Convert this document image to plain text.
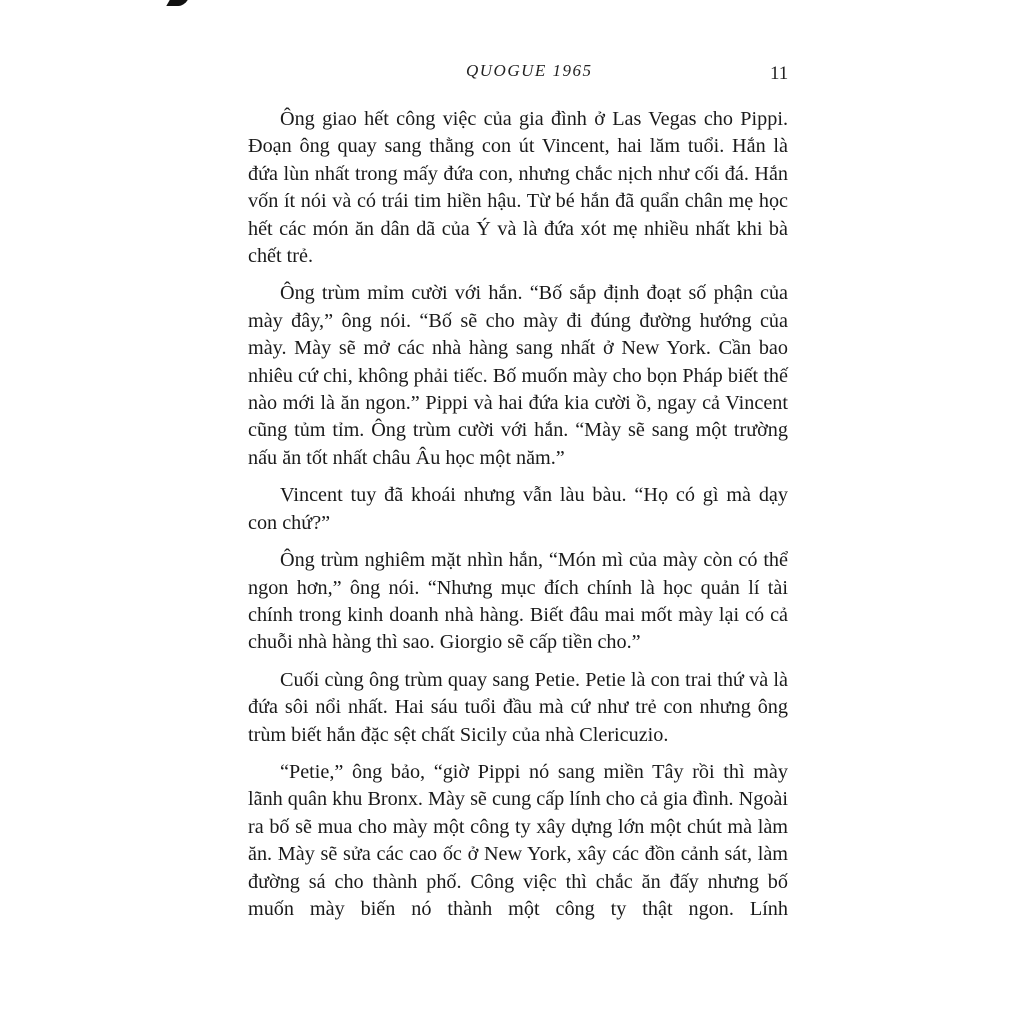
QUOGUE 1965	11

Ông giao hết công việc của gia đình ở Las Vegas cho Pippi. Đoạn ông quay sang thằng con út Vincent, hai lăm tuổi. Hắn là đứa lùn nhất trong mấy đứa con, nhưng chắc nịch như cối đá. Hắn vốn ít nói và có trái tim hiền hậu. Từ bé hắn đã quẩn chân mẹ học hết các món ăn dân dã của Ý và là đứa xót mẹ nhiều nhất khi bà chết trẻ.

Ông trùm mỉm cười với hắn. “Bố sắp định đoạt số phận của mày đây,” ông nói. “Bố sẽ cho mày đi đúng đường hướng của mày. Mày sẽ mở các nhà hàng sang nhất ở New York. Cần bao nhiêu cứ chi, không phải tiếc. Bố muốn mày cho bọn Pháp biết thế nào mới là ăn ngon.” Pippi và hai đứa kia cười ồ, ngay cả Vincent cũng tủm tỉm. Ông trùm cười với hắn. “Mày sẽ sang một trường nấu ăn tốt nhất châu Âu học một năm.”

Vincent tuy đã khoái nhưng vẫn làu bàu. “Họ có gì mà dạy con chứ?”

Ông trùm nghiêm mặt nhìn hắn, “Món mì của mày còn có thể ngon hơn,” ông nói. “Nhưng mục đích chính là học quản lí tài chính trong kinh doanh nhà hàng. Biết đâu mai mốt mày lại có cả chuỗi nhà hàng thì sao. Giorgio sẽ cấp tiền cho.”

Cuối cùng ông trùm quay sang Petie. Petie là con trai thứ và là đứa sôi nổi nhất. Hai sáu tuổi đầu mà cứ như trẻ con nhưng ông trùm biết hắn đặc sệt chất Sicily của nhà Clericuzio.

“Petie,” ông bảo, “giờ Pippi nó sang miền Tây rồi thì mày lãnh quân khu Bronx. Mày sẽ cung cấp lính cho cả gia đình. Ngoài ra bố sẽ mua cho mày một công ty xây dựng lớn một chút mà làm ăn. Mày sẽ sửa các cao ốc ở New York, xây các đồn cảnh sát, làm đường sá cho thành phố. Công việc thì chắc ăn đấy nhưng bố muốn mày biến nó thành một công ty thật ngon. Lính
